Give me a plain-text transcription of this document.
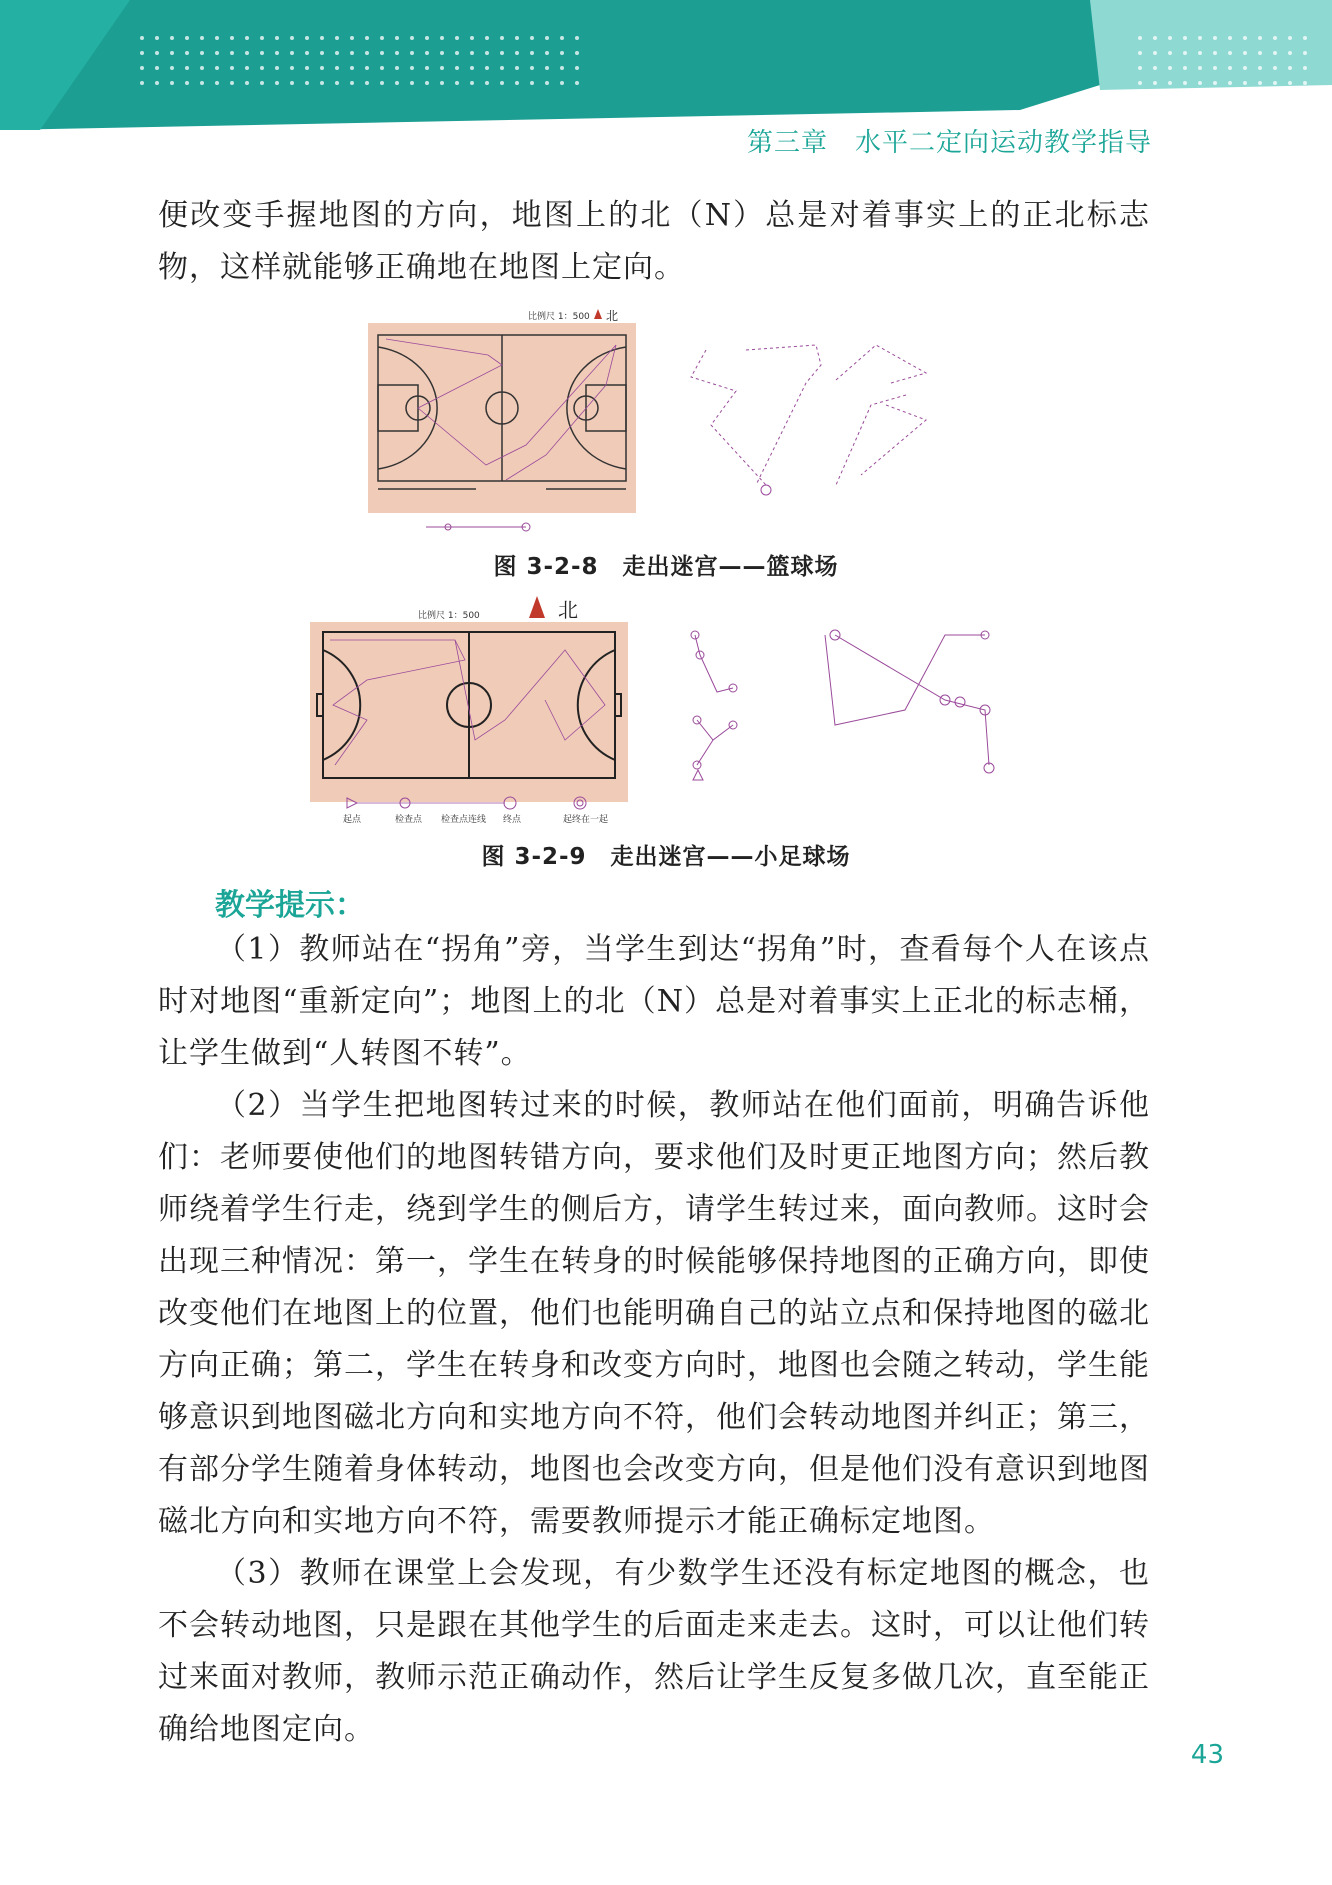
第三章　水平二定向运动教学指导

便改变手握地图的方向，地图上的北（N）总是对着事实上的正北标志物，这样就能够正确地在地图上定向。

比例尺 1：500 北
图 3-2-8　走出迷宫——篮球场
比例尺 1：500	北
起点	检查点 检查点连线 终点	起终在一起
图 3-2-9　走出迷宫——小足球场
教学提示：

（1）教师站在“拐角”旁，当学生到达“拐角”时，查看每个人在该点时对地图“重新定向”；地图上的北（N）总是对着事实上正北的标志桶，让学生做到“人转图不转”。

（2）当学生把地图转过来的时候，教师站在他们面前，明确告诉他们：老师要使他们的地图转错方向，要求他们及时更正地图方向；然后教师绕着学生行走，绕到学生的侧后方，请学生转过来，面向教师。这时会出现三种情况：第一，学生在转身的时候能够保持地图的正确方向，即使改变他们在地图上的位置，他们也能明确自己的站立点和保持地图的磁北方向正确；第二，学生在转身和改变方向时，地图也会随之转动，学生能够意识到地图磁北方向和实地方向不符，他们会转动地图并纠正；第三，有部分学生随着身体转动，地图也会改变方向，但是他们没有意识到地图磁北方向和实地方向不符，需要教师提示才能正确标定地图。

（3）教师在课堂上会发现，有少数学生还没有标定地图的概念，也不会转动地图，只是跟在其他学生的后面走来走去。这时，可以让他们转过来面对教师，教师示范正确动作，然后让学生反复多做几次，直至能正确给地图定向。

43
